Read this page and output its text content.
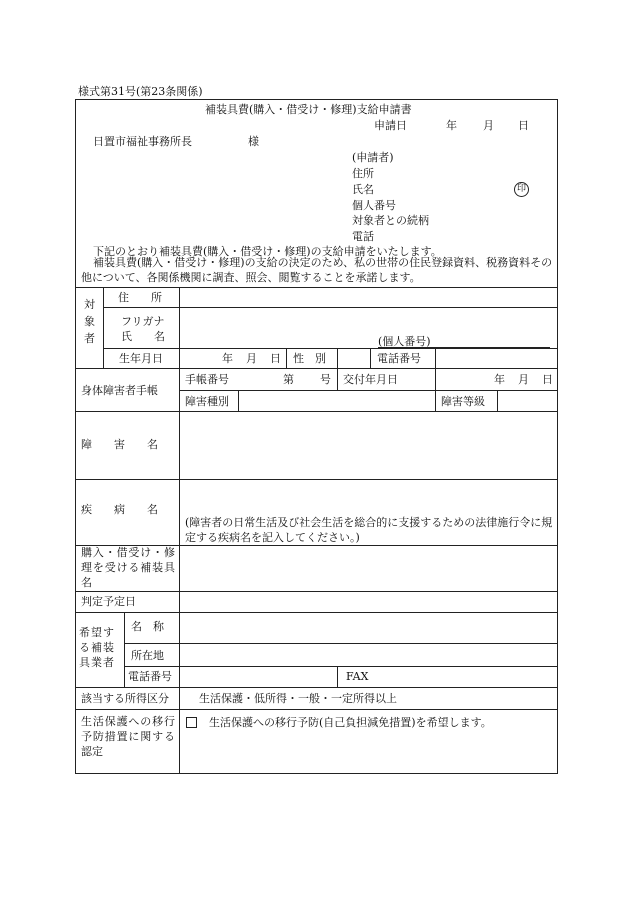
様式第31号(第23条関係)
補装具費(購入・借受け・修理)支給申請書
申請日	年 月 日
日置市福祉事務所長	様
(申請者)
住所
氏名	印
個人番号
対象者との続柄
電話
下記のとおり補装具費(購入・借受け・修理)の支給申請をいたします。
補装具費(購入・借受け・修理)の支給の決定のため、私の世帯の住民登録資料、税務資料その他について、各関係機関に調査、照会、閲覧することを承諾します。
対象者
住　　所
フリガナ
氏　　名	(個人番号)
生年月日	年 月 日 性　別	電話番号
身体障害者手帳
手帳番号	第 号 交付年月日	年 月 日
障害種別	障害等級
障　　害　　名
疾　　病　　名
(障害者の日常生活及び社会生活を総合的に支援するための法律施行令に規定する疾病名を記入してください。)
購入・借受け・修理を受ける補装具名
判定予定日
希望する補装具業者
名　称
所在地
電話番号	FAX
該当する所得区分	生活保護・低所得・一般・一定所得以上
生活保護への移行予防措置に関する認定
生活保護への移行予防(自己負担減免措置)を希望します。
